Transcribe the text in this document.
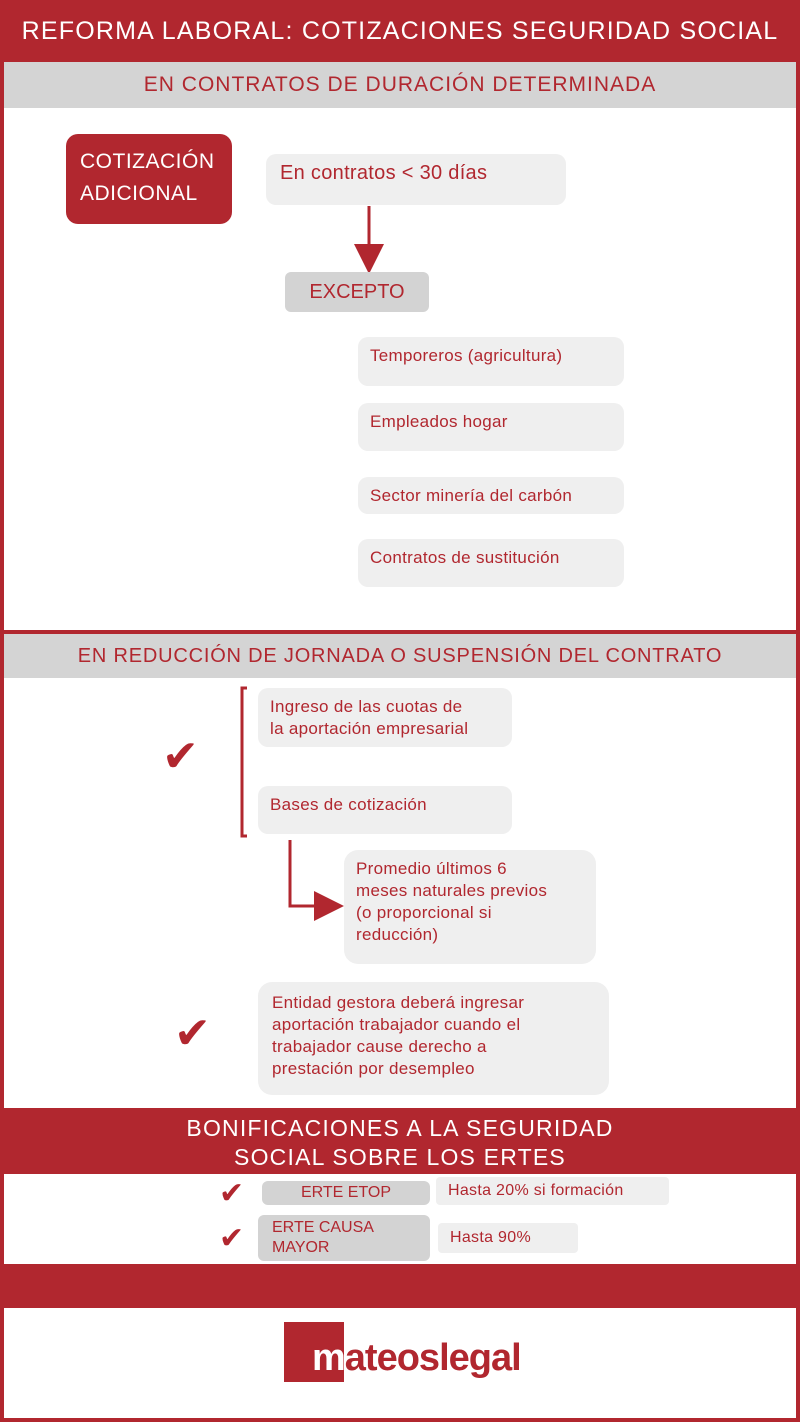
REFORMA LABORAL: COTIZACIONES SEGURIDAD SOCIAL
EN CONTRATOS DE DURACIÓN DETERMINADA
COTIZACIÓN
ADICIONAL
En contratos < 30 días
EXCEPTO
Temporeros (agricultura)
Empleados hogar
Sector minería del carbón
Contratos de sustitución
EN REDUCCIÓN DE JORNADA O SUSPENSIÓN DEL CONTRATO
✔
Ingreso de las cuotas de
la aportación empresarial
Bases de cotización
Promedio últimos 6
meses naturales previos
(o proporcional si
reducción)
✔
Entidad gestora deberá ingresar
aportación trabajador cuando el
trabajador cause derecho a
prestación por desempleo
BONIFICACIONES A LA SEGURIDAD
SOCIAL SOBRE LOS ERTES
✔	ERTE ETOP	Hasta 20% si formación
✔ ERTE CAUSA
MAYOR
Hasta 90%
mateoslegal
